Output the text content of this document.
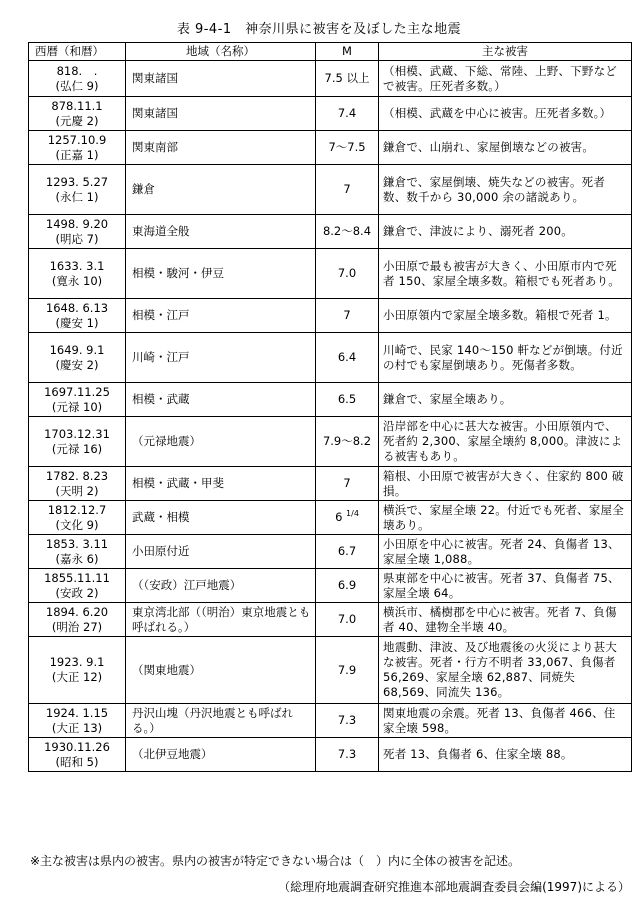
表 9-4-1　神奈川県に被害を及ぼした主な地震
西暦（和暦）	地域（名称）	M	主な被害
818.　.
(弘仁 9)	関東諸国	7.5 以上	（相模、武蔵、下総、常陸、上野、下野などで被害。圧死者多数。）
878.11.1
(元慶 2)	関東諸国	7.4	（相模、武蔵を中心に被害。圧死者多数。）
1257.10.9
(正嘉 1)	関東南部	7〜7.5	鎌倉で、山崩れ、家屋倒壊などの被害。
1293. 5.27
(永仁 1)	鎌倉	7	鎌倉で、家屋倒壊、焼失などの被害。死者数、数千から 30,000 余の諸説あり。
1498. 9.20
(明応 7)	東海道全般	8.2〜8.4	鎌倉で、津波により、溺死者 200。
1633. 3.1
(寛永 10)	相模・駿河・伊豆	7.0	小田原で最も被害が大きく、小田原市内で死者 150、家屋全壊多数。箱根でも死者あり。
1648. 6.13
(慶安 1)	相模・江戸	7	小田原領内で家屋全壊多数。箱根で死者 1。
1649. 9.1
(慶安 2)	川崎・江戸	6.4	川崎で、民家 140〜150 軒などが倒壊。付近の村でも家屋倒壊あり。死傷者多数。
1697.11.25
(元禄 10)	相模・武蔵	6.5	鎌倉で、家屋全壊あり。
1703.12.31
(元禄 16)	（元禄地震）	7.9〜8.2	沿岸部を中心に甚大な被害。小田原領内で、死者約 2,300、家屋全壊約 8,000。津波による被害もあり。
1782. 8.23
(天明 2)	相模・武蔵・甲斐	7	箱根、小田原で被害が大きく、住家約 800 破損。
1812.12.7
(文化 9)	武蔵・相模	6 $^{1/4}$	横浜で、家屋全壊 22。付近でも死者、家屋全壊あり。
1853. 3.11
(嘉永 6)	小田原付近	6.7	小田原を中心に被害。死者 24、負傷者 13、家屋全壊 1,088。
1855.11.11
(安政 2)	（（安政）江戸地震）	6.9	県東部を中心に被害。死者 37、負傷者 75、家屋全壊 64。
1894. 6.20
(明治 27)	東京湾北部（（明治）東京地震とも呼ばれる。）	7.0	横浜市、橘樹郡を中心に被害。死者 7、負傷者 40、建物全半壊 40。
1923. 9.1
(大正 12)	（関東地震）	7.9	地震動、津波、及び地震後の火災により甚大な被害。死者・行方不明者 33,067、負傷者 56,269、家屋全壊 62,887、同焼失 68,569、同流失 136。
1924. 1.15
(大正 13)	丹沢山塊（丹沢地震とも呼ばれる。）	7.3	関東地震の余震。死者 13、負傷者 466、住家全壊 598。
1930.11.26
(昭和 5)	（北伊豆地震）	7.3	死者 13、負傷者 6、住家全壊 88。
※主な被害は県内の被害。県内の被害が特定できない場合は（　）内に全体の被害を記述。
（総理府地震調査研究推進本部地震調査委員会編(1997)による）
